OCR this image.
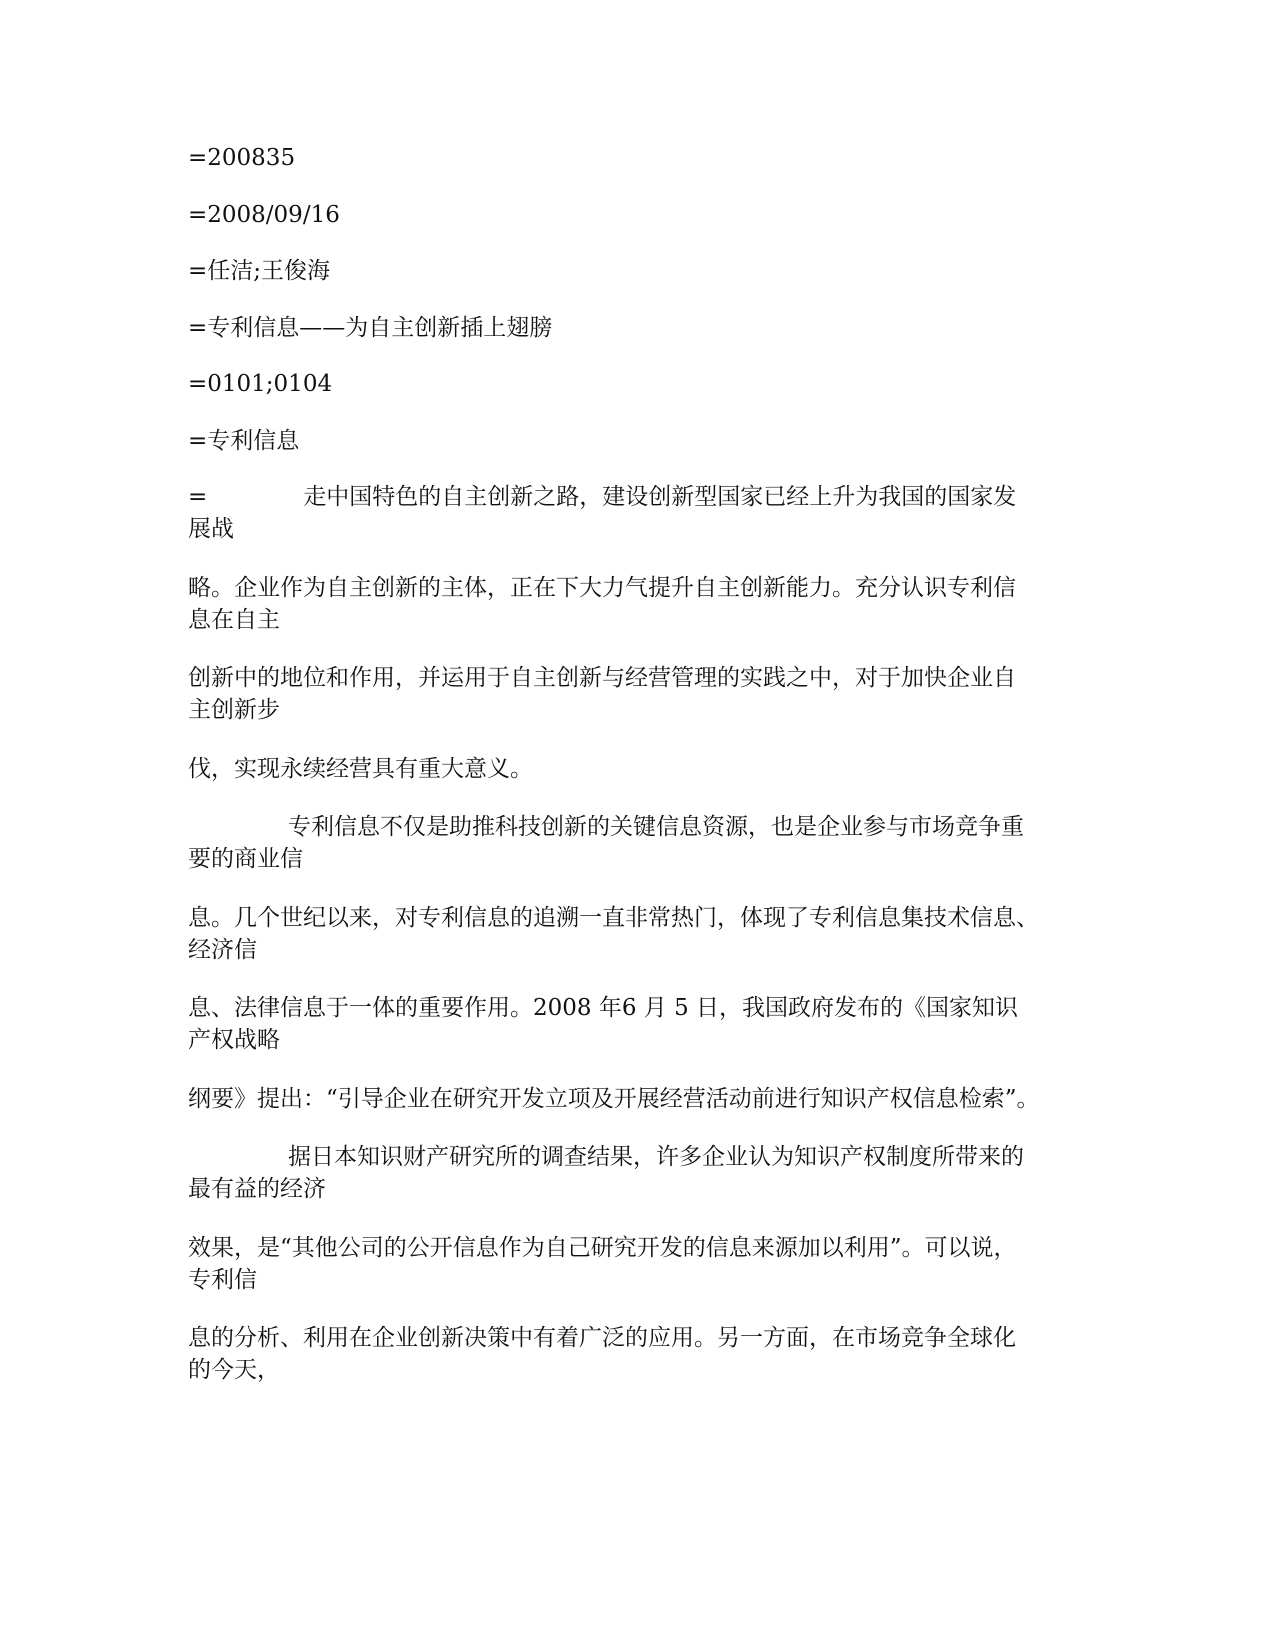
=200835
=2008/09/16
=任洁;王俊海
=专利信息——为自主创新插上翅膀
=0101;0104
=专利信息
=	走中国特色的自主创新之路，建设创新型国家已经上升为我国的国家发
展战
略。企业作为自主创新的主体，正在下大力气提升自主创新能力。充分认识专利信
息在自主
创新中的地位和作用，并运用于自主创新与经营管理的实践之中，对于加快企业自
主创新步
伐，实现永续经营具有重大意义。
专利信息不仅是助推科技创新的关键信息资源，也是企业参与市场竞争重
要的商业信
息。几个世纪以来，对专利信息的追溯一直非常热门，体现了专利信息集技术信息、
经济信
息、法律信息于一体的重要作用。2008 年6 月 5 日，我国政府发布的《国家知识
产权战略
纲要》提出：“引导企业在研究开发立项及开展经营活动前进行知识产权信息检索”。
据日本知识财产研究所的调查结果，许多企业认为知识产权制度所带来的
最有益的经济
效果，是“其他公司的公开信息作为自己研究开发的信息来源加以利用”。可以说，
专利信
息的分析、利用在企业创新决策中有着广泛的应用。另一方面，在市场竞争全球化
的今天，
